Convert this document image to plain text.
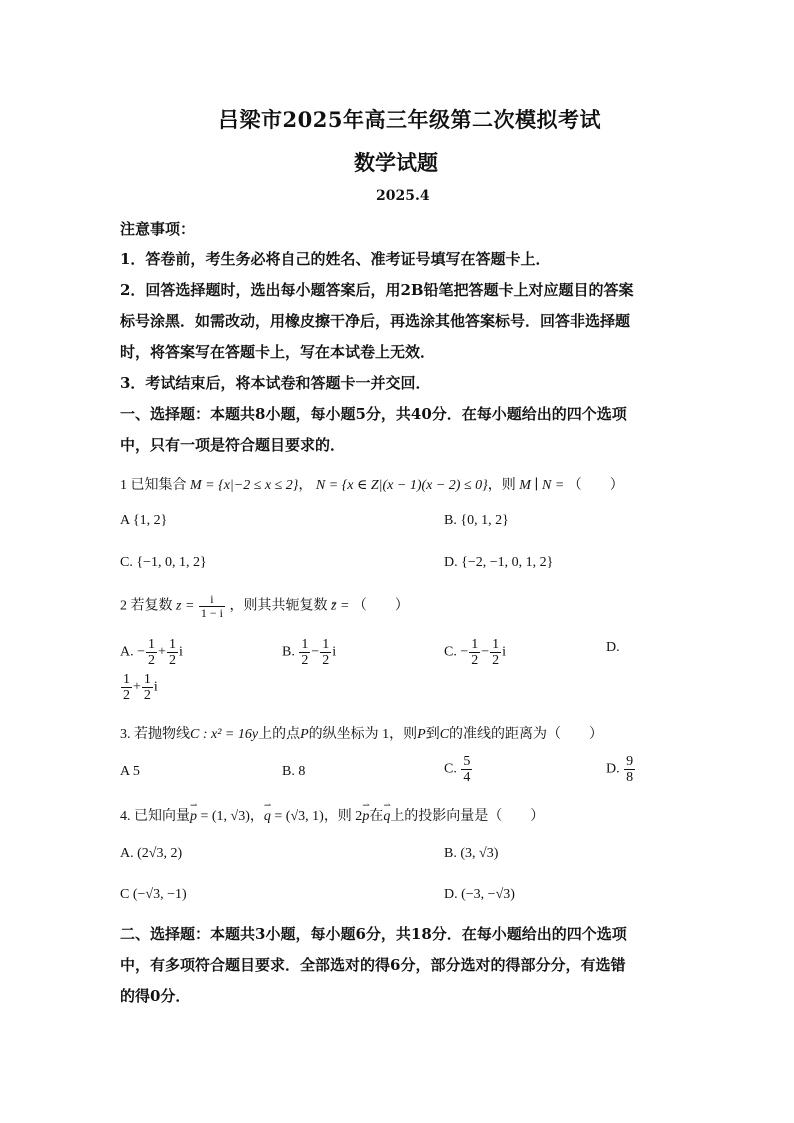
吕梁市2025年高三年级第二次模拟考试
数学试题
2025.4
注意事项：
1．答卷前，考生务必将自己的姓名、准考证号填写在答题卡上．
2．回答选择题时，选出每小题答案后，用2B铅笔把答题卡上对应题目的答案
标号涂黑．如需改动，用橡皮擦干净后，再选涂其他答案标号．回答非选择题
时，将答案写在答题卡上，写在本试卷上无效．
3．考试结束后，将本试卷和答题卡一并交回．
一、选择题：本题共8小题，每小题5分，共40分．在每小题给出的四个选项
中，只有一项是符合题目要求的．
1 已知集合 M = {x|−2 ≤ x ≤ 2}， N = {x ∈ Z|(x − 1)(x − 2) ≤ 0}，则 M ∣ N = （　　）
A {1, 2}	B. {0, 1, 2}
C. {−1, 0, 1, 2}	D. {−2, −1, 0, 1, 2}
2 若复数 $z = \frac{i}{1 - i}$ ，则其共轭复数 z̄ = （　　）
A. − $\frac{1}{2} + \frac{1}{2}$ i	B. $\frac{1}{2} - \frac{1}{2}$ i	C. − $\frac{1}{2} - \frac{1}{2}$ i	D.
$\frac{1}{2} + \frac{1}{2}$ i
3. 若抛物线C : x² = 16y上的点P的纵坐标为 1，则P到C的准线的距离为（　　）
A 5	B. 8	C. $\frac{5}{4}$	D. $\frac{9}{8}$
4. 已知向量⇀ p = (1, √3)，⇀ q = (√3, 1)，则 2⇀ p在⇀ q上的投影向量是（　　）
A. (2√3, 2)	B. (3, √3)
C (−√3, −1)	D. (−3, −√3)
二、选择题：本题共3小题，每小题6分，共18分．在每小题给出的四个选项
中，有多项符合题目要求．全部选对的得6分，部分选对的得部分分，有选错
的得0分．
